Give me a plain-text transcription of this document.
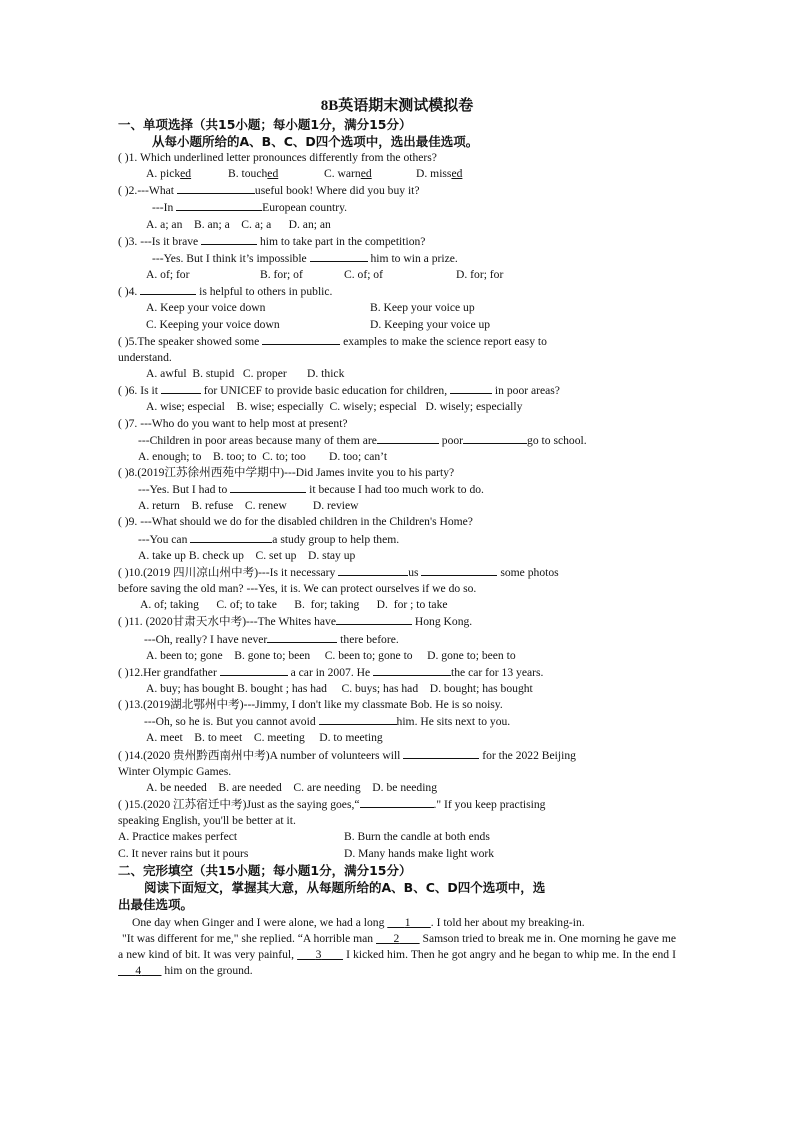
8B英语期末测试模拟卷
一、单项选择（共15小题；每小题1分，满分15分）
从每小题所给的A、B、C、D四个选项中，选出最佳选项。
( )1. Which underlined letter pronounces differently from the others?
A. picked	B. touched	C. warned	D. missed
( )2.---What	useful book! Where did you buy it?
---In	European country.
A. a; an    B. an; a    C. a; a      D. an; an
( )3. ---Is it brave	him to take part in the competition?
---Yes. But I think it’s impossible	him to win a prize.
A. of; for	B. for; of	C. of; of	D. for; for
( )4.	is helpful to others in public.
A. Keep your voice down	B. Keep your voice up
C. Keeping your voice down	D. Keeping your voice up
( )5.The speaker showed some	examples to make the science report easy to
understand.
A. awful  B. stupid   C. proper       D. thick
( )6. Is it	for UNICEF to provide basic education for children,	in poor areas?
A. wise; especial    B. wise; especially  C. wisely; especial   D. wisely; especially
( )7. ---Who do you want to help most at present?
---Children in poor areas because many of them are	poor	go to school.
A. enough; to    B. too; to  C. to; too        D. too; can’t
( )8.(2019江苏徐州西苑中学期中)---Did James invite you to his party?
---Yes. But I had to	it because I had too much work to do.
A. return    B. refuse    C. renew         D. review
( )9. ---What should we do for the disabled children in the Children's Home?
---You can	a study group to help them.
A. take up B. check up    C. set up    D. stay up
( )10.(2019 四川凉山州中考)---Is it necessary	us	some photos
before saving the old man? ---Yes, it is. We can protect ourselves if we do so.
A. of; taking      C. of; to take      B.  for; taking      D.  for ; to take
( )11. (2020甘肃天水中考)---The Whites have	Hong Kong.
---Oh, really? I have never	there before.
A. been to; gone    B. gone to; been     C. been to; gone to     D. gone to; been to
( )12.Her grandfather	a car in 2007. He	the car for 13 years.
A. buy; has bought B. bought ; has had     C. buys; has had    D. bought; has bought
( )13.(2019湖北鄂州中考)---Jimmy, I don't like my classmate Bob. He is so noisy.
---Oh, so he is. But you cannot avoid	him. He sits next to you.
A. meet    B. to meet    C. meeting     D. to meeting
( )14.(2020 贵州黔西南州中考)A number of volunteers will	for the 2022 Beijing
Winter Olympic Games.
A. be needed    B. are needed    C. are needing    D. be needing
( )15.(2020 江苏宿迁中考)Just as the saying goes,“	." If you keep practising
speaking English, you'll be better at it.
A. Practice makes perfect	B. Burn the candle at both ends
C. It never rains but it pours	D. Many hands make light work
二、完形填空（共15小题；每小题1分，满分15分）
阅读下面短文，掌握其大意，从每题所给的A、B、C、D四个选项中，选
出最佳选项。
One day when Ginger and I were alone, we had a long       1 . I told her about my breaking-in.
"It was different for me," she replied. “A horrible man       2        Samson tried to break me in. One morning he gave me a new kind of bit. It was very painful,       3        I kicked him. Then he got angry and he began to whip me. In the end I       4        him on the ground.
